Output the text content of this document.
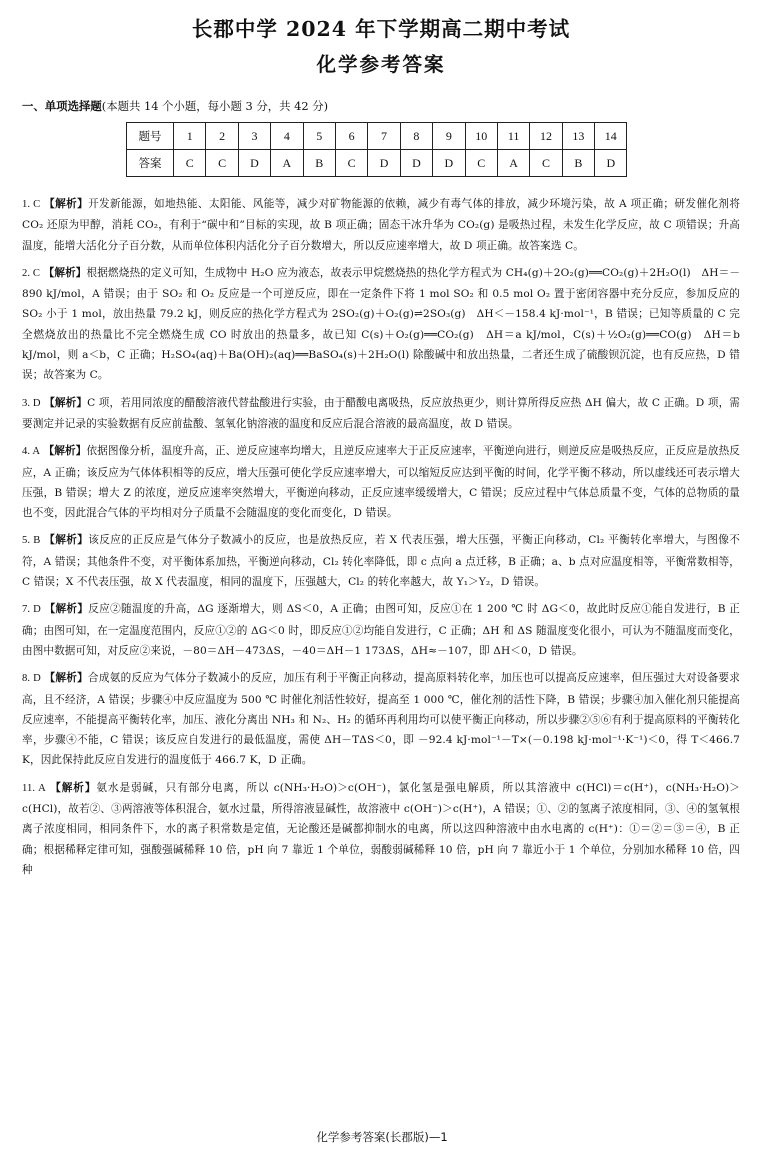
长郡中学 2024 年下学期高二期中考试
化学参考答案
一、单项选择题(本题共 14 个小题，每小题 3 分，共 42 分)
题号	1	2	3	4	5	6	7	8	9	10	11	12	13	14
答案	C	C	D	A	B	C	D	D	D	C	A	C	B	D
1. C 【解析】开发新能源，如地热能、太阳能、风能等，减少对矿物能源的依赖，减少有毒气体的排放，减少环境污染，故 A 项正确；研发催化剂将 CO₂ 还原为甲醇，消耗 CO₂，有利于“碳中和”目标的实现，故 B 项正确；固态干冰升华为 CO₂(g) 是吸热过程，未发生化学反应，故 C 项错误；升高温度，能增大活化分子百分数，从而单位体积内活化分子百分数增大，所以反应速率增大，故 D 项正确。故答案选 C。
2. C 【解析】根据燃烧热的定义可知，生成物中 H₂O 应为液态，故表示甲烷燃烧热的热化学方程式为 CH₄(g)＋2O₂(g)══CO₂(g)＋2H₂O(l)　ΔH＝－890 kJ/mol，A 错误；由于 SO₂ 和 O₂ 反应是一个可逆反应，即在一定条件下将 1 mol SO₂ 和 0.5 mol O₂ 置于密闭容器中充分反应，参加反应的 SO₂ 小于 1 mol，放出热量 79.2 kJ，则反应的热化学方程式为 2SO₂(g)＋O₂(g)⇌2SO₃(g)　ΔH＜－158.4 kJ·mol⁻¹，B 错误；已知等质量的 C 完全燃烧放出的热量比不完全燃烧生成 CO 时放出的热量多，故已知 C(s)＋O₂(g)══CO₂(g)　ΔH＝a kJ/mol，C(s)＋½O₂(g)══CO(g)　ΔH＝b kJ/mol，则 a＜b，C 正确；H₂SO₄(aq)＋Ba(OH)₂(aq)══BaSO₄(s)＋2H₂O(l) 除酸碱中和放出热量，二者还生成了硫酸钡沉淀，也有反应热，D 错误；故答案为 C。
3. D 【解析】C 项，若用同浓度的醋酸溶液代替盐酸进行实验，由于醋酸电离吸热，反应放热更少，则计算所得反应热 ΔH 偏大，故 C 正确。D 项，需要测定并记录的实验数据有反应前盐酸、氢氧化钠溶液的温度和反应后混合溶液的最高温度，故 D 错误。
4. A 【解析】依据图像分析，温度升高，正、逆反应速率均增大，且逆反应速率大于正反应速率，平衡逆向进行，则逆反应是吸热反应，正反应是放热反应，A 正确；该反应为气体体积相等的反应，增大压强可使化学反应速率增大，可以缩短反应达到平衡的时间，化学平衡不移动，所以虚线还可表示增大压强，B 错误；增大 Z 的浓度，逆反应速率突然增大，平衡逆向移动，正反应速率缓缓增大，C 错误；反应过程中气体总质量不变，气体的总物质的量也不变，因此混合气体的平均相对分子质量不会随温度的变化而变化，D 错误。
5. B 【解析】该反应的正反应是气体分子数减小的反应，也是放热反应，若 X 代表压强，增大压强，平衡正向移动，Cl₂ 平衡转化率增大，与图像不符，A 错误；其他条件不变，对平衡体系加热，平衡逆向移动，Cl₂ 转化率降低，即 c 点向 a 点迁移，B 正确；a、b 点对应温度相等，平衡常数相等，C 错误；X 不代表压强，故 X 代表温度，相同的温度下，压强越大，Cl₂ 的转化率越大，故 Y₁＞Y₂，D 错误。
7. D 【解析】反应②随温度的升高，ΔG 逐渐增大，则 ΔS＜0，A 正确；由图可知，反应①在 1 200 ℃ 时 ΔG＜0，故此时反应①能自发进行，B 正确；由图可知，在一定温度范围内，反应①②的 ΔG＜0 时，即反应①②均能自发进行，C 正确；ΔH 和 ΔS 随温度变化很小，可认为不随温度而变化，由图中数据可知，对反应②来说，－80＝ΔH－473ΔS，－40＝ΔH－1 173ΔS，ΔH≈－107，即 ΔH＜0，D 错误。
8. D 【解析】合成氨的反应为气体分子数减小的反应，加压有利于平衡正向移动，提高原料转化率，加压也可以提高反应速率，但压强过大对设备要求高，且不经济，A 错误；步骤④中反应温度为 500 ℃ 时催化剂活性较好，提高至 1 000 ℃，催化剂的活性下降，B 错误；步骤④加入催化剂只能提高反应速率，不能提高平衡转化率，加压、液化分离出 NH₃ 和 N₂、H₂ 的循环再利用均可以使平衡正向移动，所以步骤②⑤⑥有利于提高原料的平衡转化率，步骤④不能，C 错误；该反应自发进行的最低温度，需使 ΔH－TΔS＜0，即 －92.4 kJ·mol⁻¹－T×(－0.198 kJ·mol⁻¹·K⁻¹)＜0，得 T＜466.7 K，因此保持此反应自发进行的温度低于 466.7 K，D 正确。
11. A 【解析】氨水是弱碱，只有部分电离，所以 c(NH₃·H₂O)＞c(OH⁻)，氯化氢是强电解质，所以其溶液中 c(HCl)＝c(H⁺)，c(NH₃·H₂O)＞c(HCl)，故若②、③两溶液等体积混合，氨水过量，所得溶液显碱性，故溶液中 c(OH⁻)＞c(H⁺)，A 错误；①、②的氢离子浓度相同，③、④的氢氧根离子浓度相同，相同条件下，水的离子积常数是定值，无论酸还是碱都抑制水的电离，所以这四种溶液中由水电离的 c(H⁺)：①＝②＝③＝④，B 正确；根据稀释定律可知，强酸强碱稀释 10 倍，pH 向 7 靠近 1 个单位，弱酸弱碱稀释 10 倍，pH 向 7 靠近小于 1 个单位，分别加水稀释 10 倍，四种
化学参考答案(长郡版)—1
